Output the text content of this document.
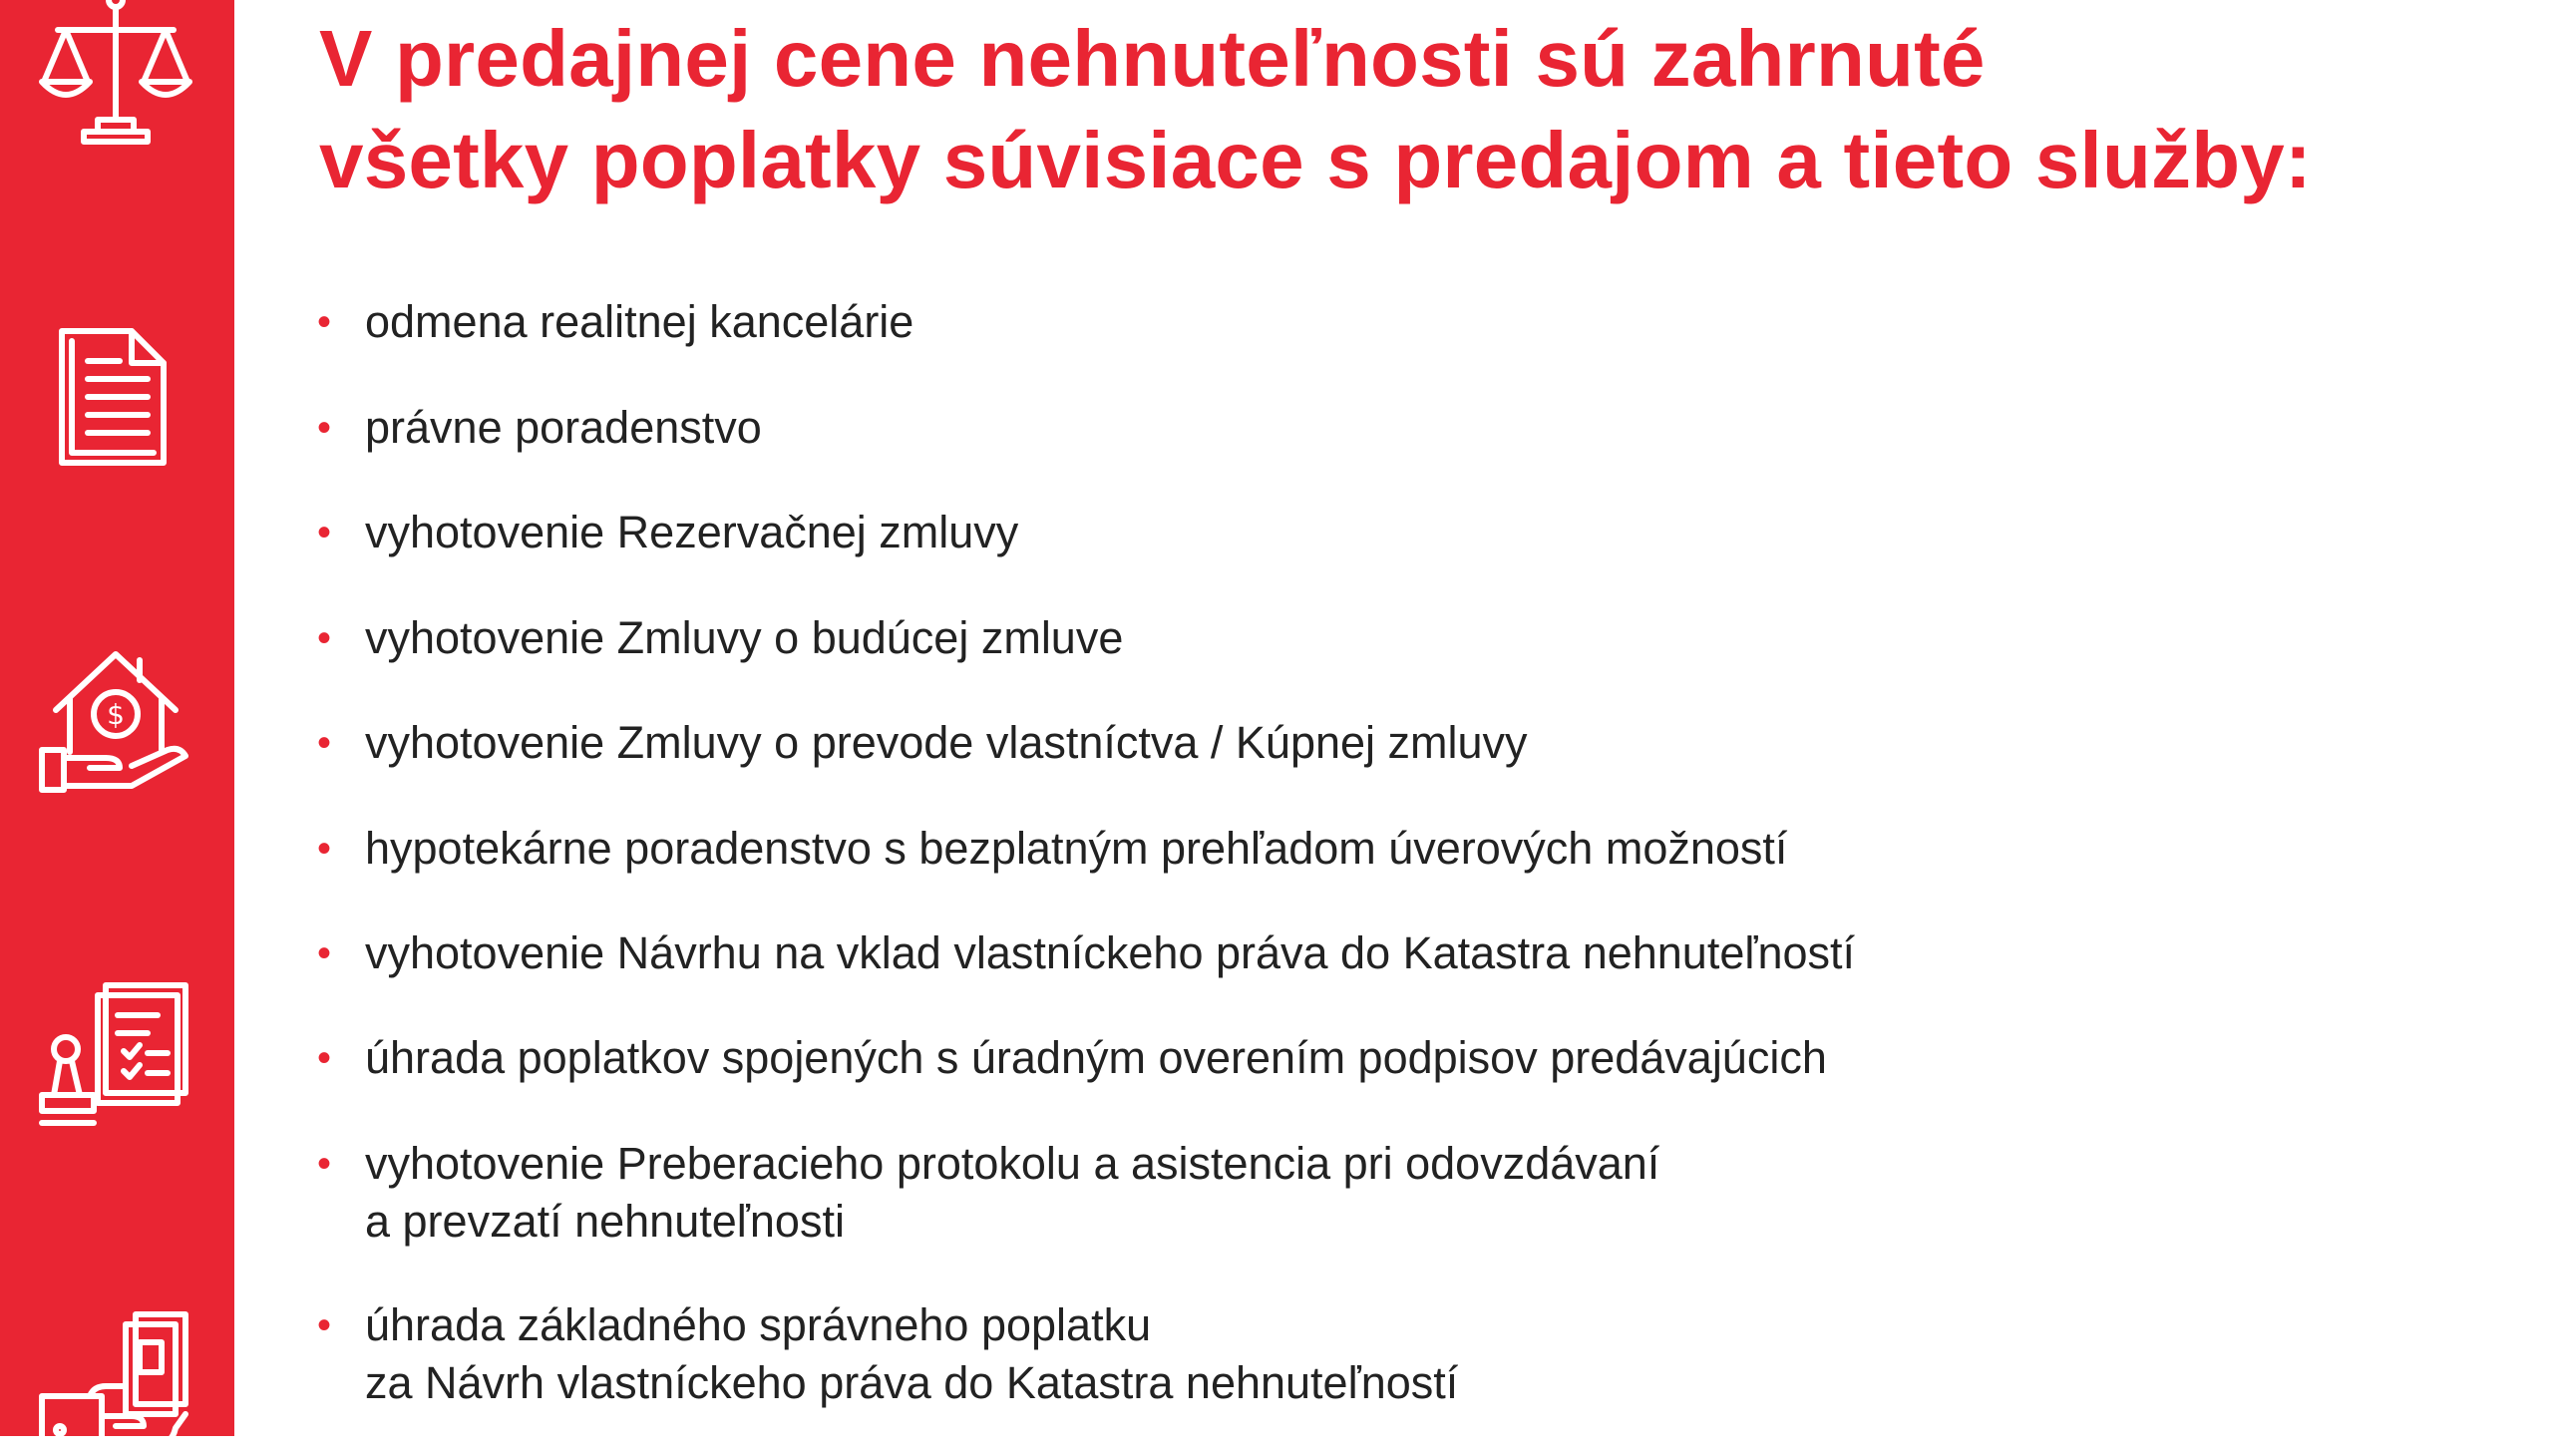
$
V predajnej cene nehnuteľnosti sú zahrnuté
všetky poplatky súvisiace s predajom a tieto služby:
• odmena realitnej kancelárie
• právne poradenstvo
• vyhotovenie Rezervačnej zmluvy
• vyhotovenie Zmluvy o budúcej zmluve
• vyhotovenie Zmluvy o prevode vlastníctva / Kúpnej zmluvy
• hypotekárne poradenstvo s bezplatným prehľadom úverových možností
• vyhotovenie Návrhu na vklad vlastníckeho práva do Katastra nehnuteľností
• úhrada poplatkov spojených s úradným overením podpisov predávajúcich
• vyhotovenie Preberacieho protokolu a asistencia pri odovzdávaní
a prevzatí nehnuteľnosti
• úhrada základného správneho poplatku
za Návrh vlastníckeho práva do Katastra nehnuteľností
